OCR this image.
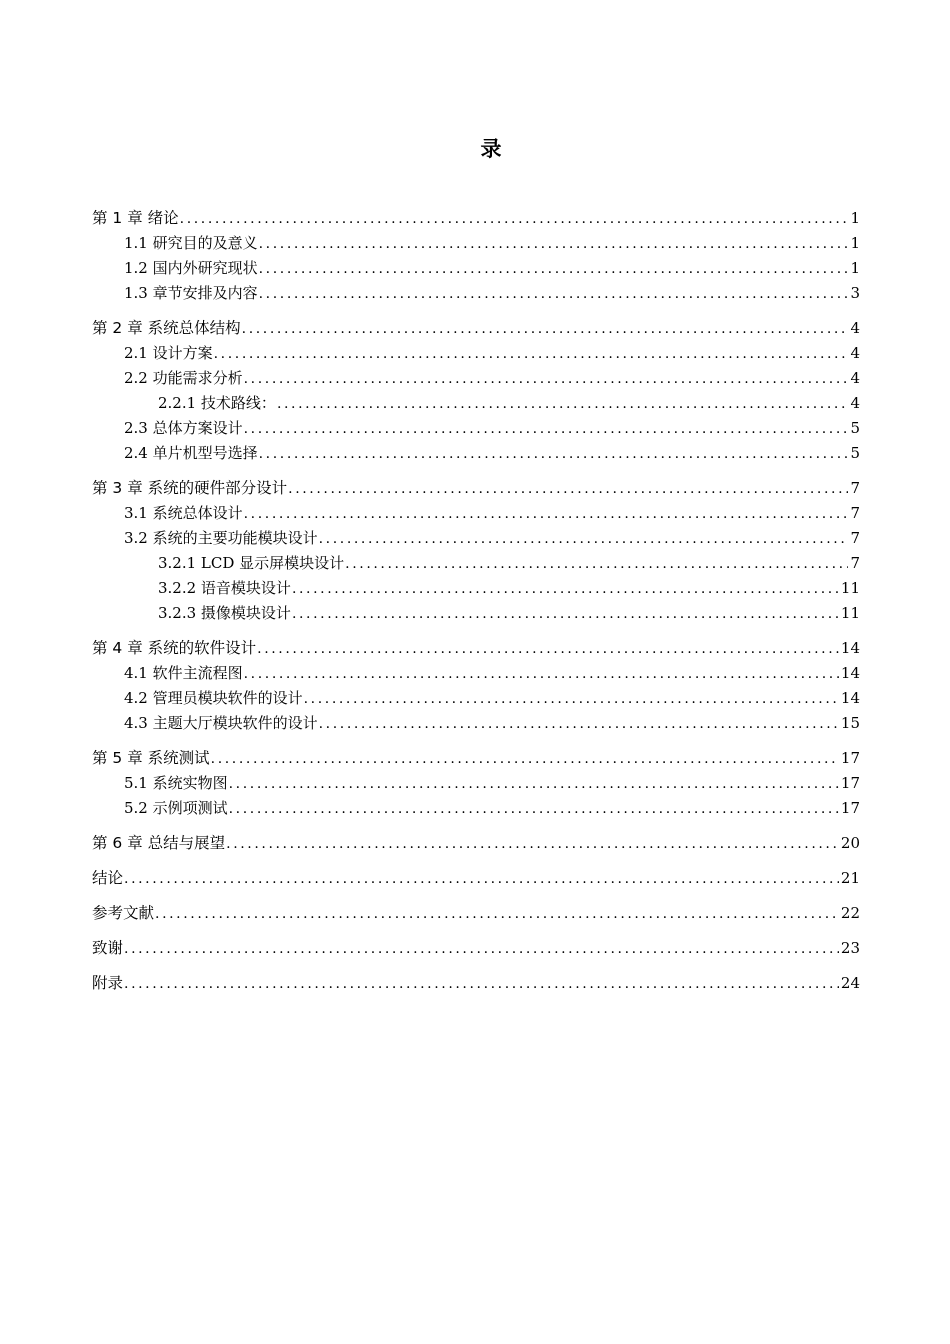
录
第 1 章 绪论 .....	1
1.1 研究目的及意义 .....	1
1.2 国内外研究现状 .....	1
1.3 章节安排及内容 .....	3
第 2 章 系统总体结构 .....	4
2.1 设计方案 .....	4
2.2 功能需求分析 .....	4
2.2.1 技术路线： .....	4
2.3 总体方案设计 .....	5
2.4 单片机型号选择 .....	5
第 3 章 系统的硬件部分设计 .....	7
3.1 系统总体设计 .....	7
3.2 系统的主要功能模块设计 .....	7
3.2.1 LCD 显示屏模块设计 .....	7
3.2.2 语音模块设计 .....	11
3.2.3 摄像模块设计 .....	11
第 4 章 系统的软件设计 .....	14
4.1 软件主流程图 .....	14
4.2 管理员模块软件的设计 .....	14
4.3 主题大厅模块软件的设计 .....	15
第 5 章 系统测试 .....	17
5.1 系统实物图 .....	17
5.2 示例项测试 .....	17
第 6 章 总结与展望 .....	20
结论 .....	21
参考文献 .....	22
致谢 .....	23
附录 .....	24
